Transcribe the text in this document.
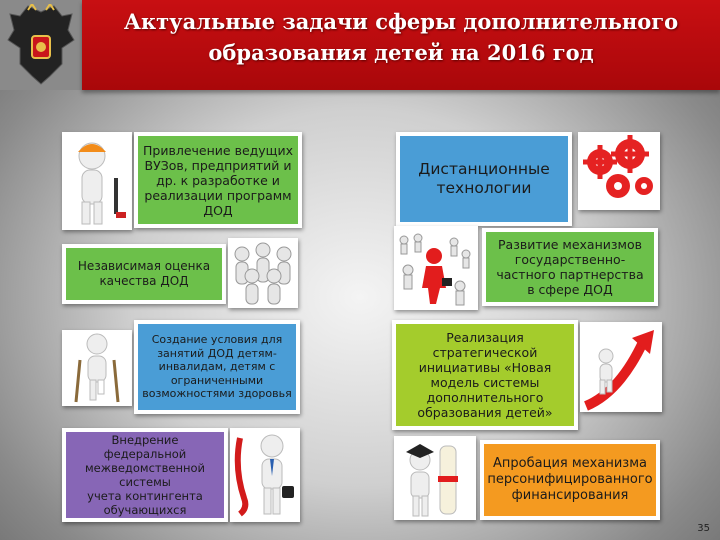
Актуальные задачи сферы дополнительного
образования детей на 2016 год
Привлечение ведущих
ВУЗов, предприятий и
др. к разработке и
реализации программ
ДОД
Независимая оценка
качества ДОД
Создание условия для
занятий ДОД детям-
инвалидам, детям с
ограниченными
возможностями здоровья
Внедрение федеральной
межведомственной системы
учета контингента
обучающихся
Дистанционные
технологии
Развитие механизмов
государственно-
частного партнерства
в сфере ДОД
Реализация
стратегической
инициативы «Новая
модель системы
дополнительного
образования детей»
Апробация механизма
персонифицированного
финансирования
35
